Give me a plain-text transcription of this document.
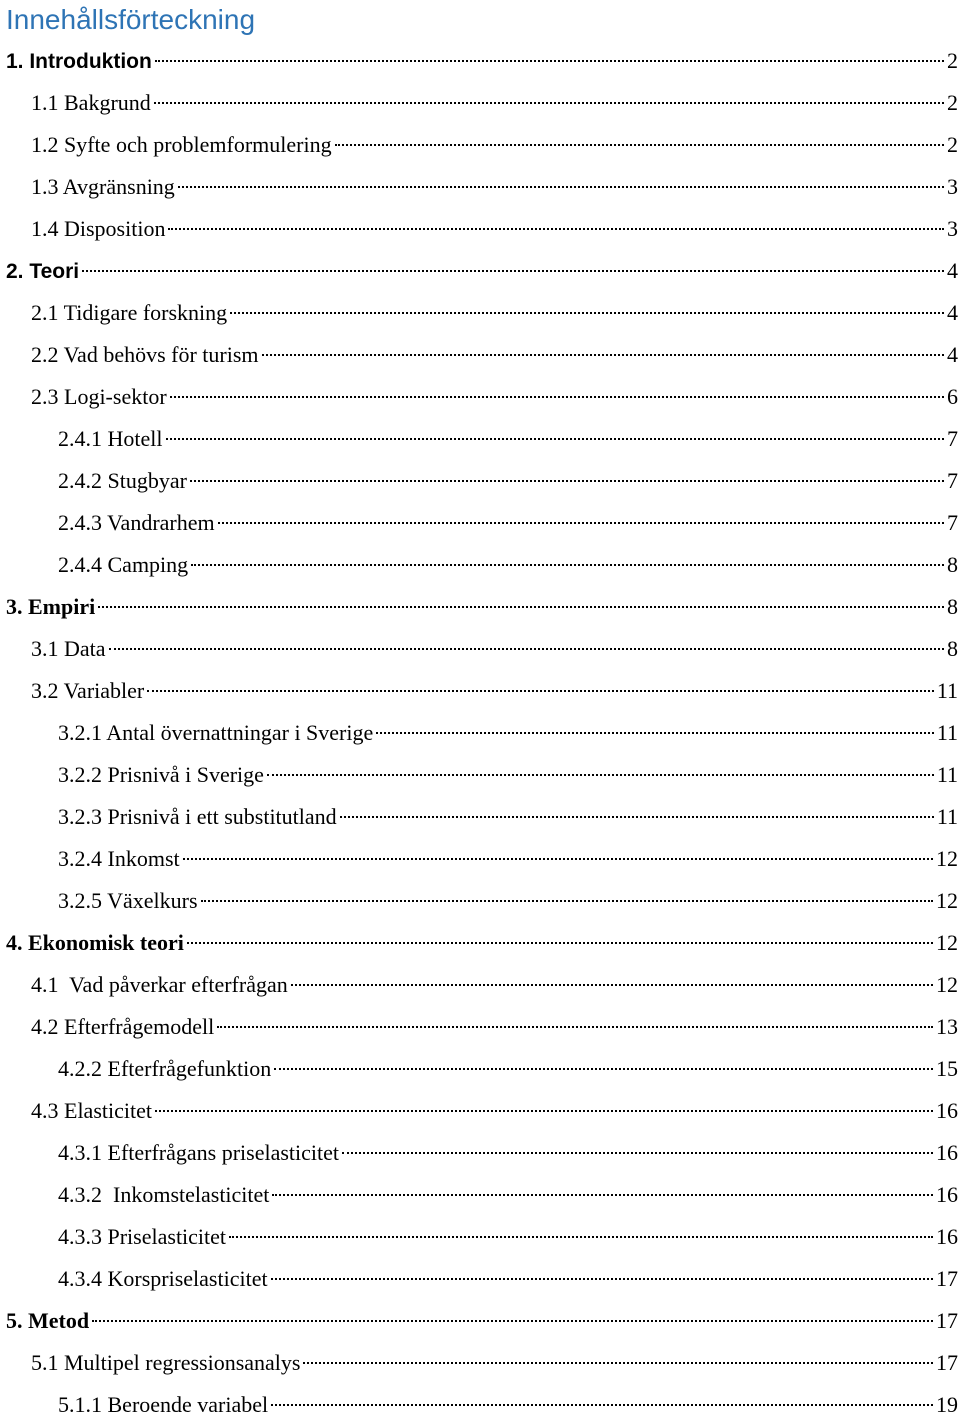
Innehållsförteckning
1. Introduktion	2
1.1 Bakgrund	2
1.2 Syfte och problemformulering	2
1.3 Avgränsning	3
1.4 Disposition	3
2. Teori	4
2.1 Tidigare forskning	4
2.2 Vad behövs för turism	4
2.3 Logi-sektor	6
2.4.1 Hotell	7
2.4.2 Stugbyar	7
2.4.3 Vandrarhem	7
2.4.4 Camping	8
3. Empiri	8
3.1 Data	8
3.2 Variabler	11
3.2.1 Antal övernattningar i Sverige	11
3.2.2 Prisnivå i Sverige	11
3.2.3 Prisnivå i ett substitutland	11
3.2.4 Inkomst	12
3.2.5 Växelkurs	12
4. Ekonomisk teori	12
4.1  Vad påverkar efterfrågan	12
4.2 Efterfrågemodell	13
4.2.2 Efterfrågefunktion	15
4.3 Elasticitet	16
4.3.1 Efterfrågans priselasticitet	16
4.3.2  Inkomstelasticitet	16
4.3.3 Priselasticitet	16
4.3.4 Korspriselasticitet	17
5. Metod	17
5.1 Multipel regressionsanalys	17
5.1.1 Beroende variabel	19
